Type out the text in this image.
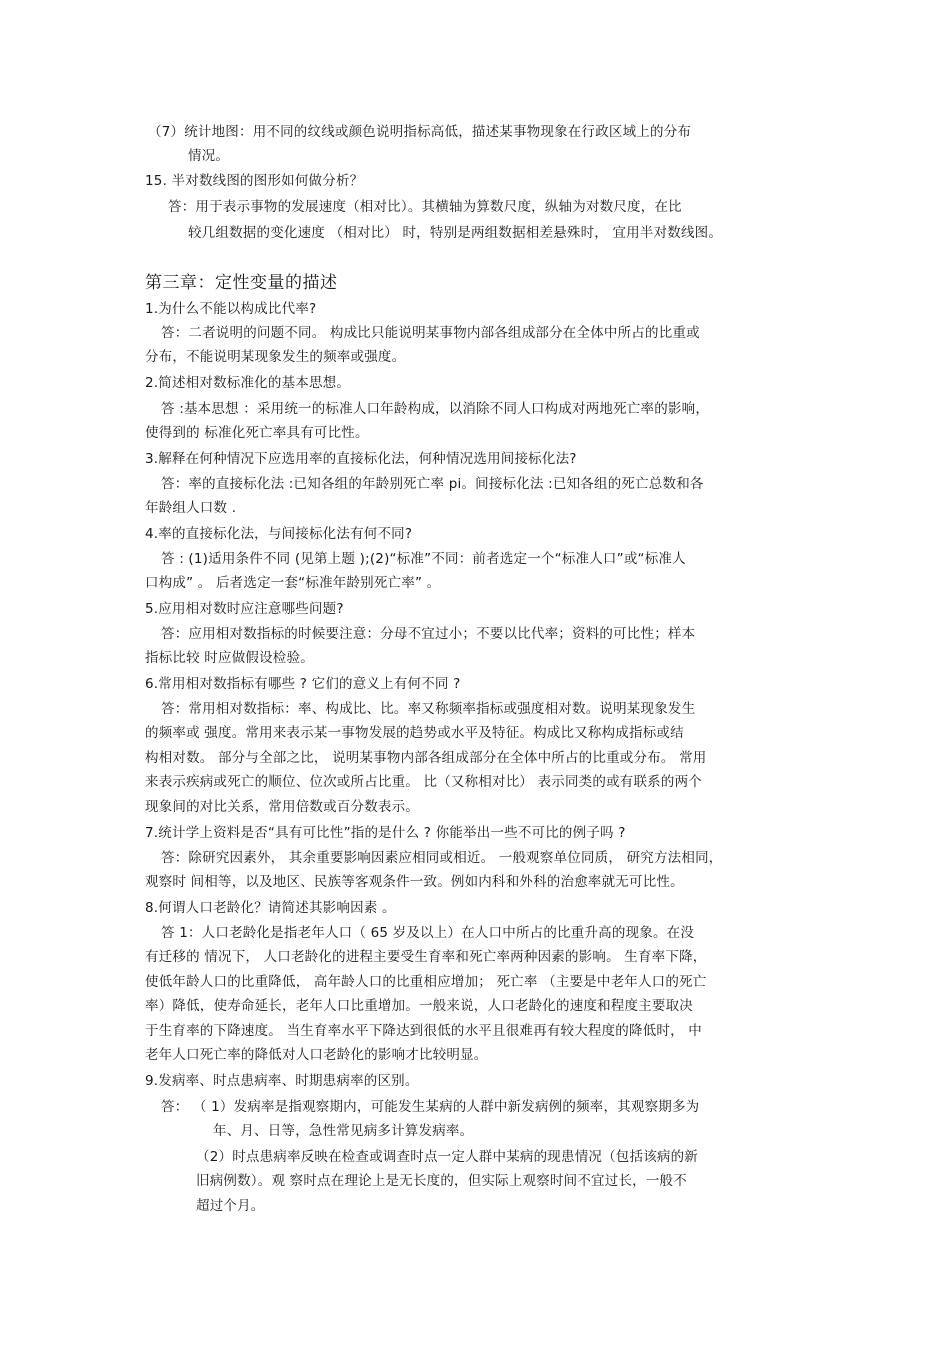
（7）统计地图：用不同的纹线或颜色说明指标高低，描述某事物现象在行政区域上的分布
情况。
15. 半对数线图的图形如何做分析？
答：用于表示事物的发展速度（相对比）。其横轴为算数尺度，纵轴为对数尺度，在比
较几组数据的变化速度 （相对比） 时，特别是两组数据相差悬殊时， 宜用半对数线图。
第三章：定性变量的描述
1.为什么不能以构成比代率?
答：二者说明的问题不同。 构成比只能说明某事物内部各组成部分在全体中所占的比重或
分布，不能说明某现象发生的频率或强度。
2.简述相对数标准化的基本思想。
答 :基本思想 ：采用统一的标准人口年龄构成，以消除不同人口构成对两地死亡率的影响，
使得到的 标准化死亡率具有可比性。
3.解释在何种情况下应选用率的直接标化法，何种情况选用间接标化法?
答：率的直接标化法 :已知各组的年龄别死亡率 pi。间接标化法 :已知各组的死亡总数和各
年龄组人口数 .
4.率的直接标化法，与间接标化法有何不同?
答 : (1)适用条件不同 (见第上题 );(2)“标准”不同：前者选定一个“标准人口”或“标准人
口构成” 。 后者选定一套“标准年龄别死亡率” 。
5.应用相对数时应注意哪些问题?
答：应用相对数指标的时候要注意：分母不宜过小；不要以比代率；资料的可比性；样本
指标比较 时应做假设检验。
6.常用相对数指标有哪些 ? 它们的意义上有何不同 ?
答：常用相对数指标：率、构成比、比。率又称频率指标或强度相对数。说明某现象发生
的频率或 强度。常用来表示某一事物发展的趋势或水平及特征。构成比又称构成指标或结
构相对数。 部分与全部之比， 说明某事物内部各组成部分在全体中所占的比重或分布。 常用
来表示疾病或死亡的顺位、位次或所占比重。 比（又称相对比） 表示同类的或有联系的两个
现象间的对比关系，常用倍数或百分数表示。
7.统计学上资料是否“具有可比性”指的是什么 ? 你能举出一些不可比的例子吗 ?
答：除研究因素外， 其余重要影响因素应相同或相近。 一般观察单位同质， 研究方法相同，
观察时 间相等，以及地区、民族等客观条件一致。例如内科和外科的治愈率就无可比性。
8.何谓人口老龄化？请简述其影响因素 。
答 1：人口老龄化是指老年人口（ 65 岁及以上）在人口中所占的比重升高的现象。在没
有迁移的 情况下， 人口老龄化的进程主要受生育率和死亡率两种因素的影响。 生育率下降，
使低年龄人口的比重降低， 高年龄人口的比重相应增加； 死亡率 （主要是中老年人口的死亡
率）降低，使寿命延长，老年人口比重增加。一般来说，人口老龄化的速度和程度主要取决
于生育率的下降速度。 当生育率水平下降达到很低的水平且很难再有较大程度的降低时， 中
老年人口死亡率的降低对人口老龄化的影响才比较明显。
9.发病率、时点患病率、时期患病率的区别。
答： （ 1）发病率是指观察期内，可能发生某病的人群中新发病例的频率，其观察期多为
年、月、日等，急性常见病多计算发病率。
（2）时点患病率反映在检查或调查时点一定人群中某病的现患情况（包括该病的新
旧病例数）。观 察时点在理论上是无长度的，但实际上观察时间不宜过长，一般不
超过个月。
